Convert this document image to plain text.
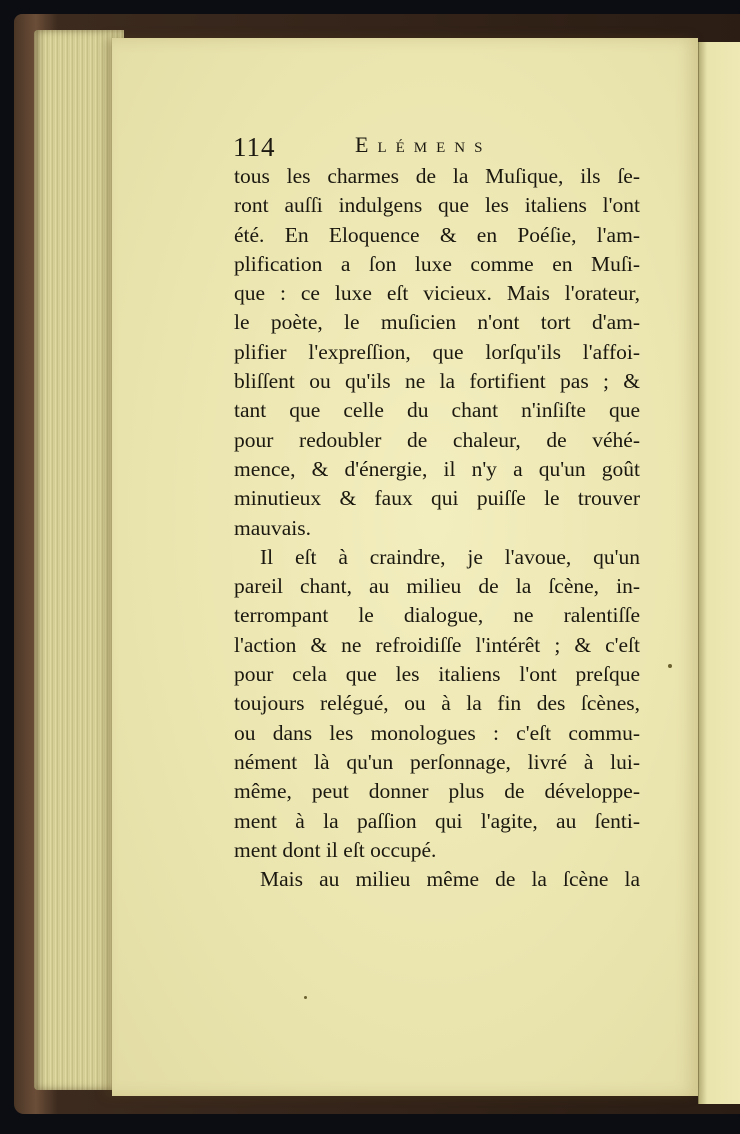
114	Elémens
tous les charmes de la Muſique, ils ſe-
ront auſſi indulgens que les italiens l'ont
été. En Eloquence & en Poéſie, l'am-
plification a ſon luxe comme en Muſi-
que : ce luxe eſt vicieux. Mais l'orateur,
le poète, le muſicien n'ont tort d'am-
plifier l'expreſſion, que lorſqu'ils l'affoi-
bliſſent ou qu'ils ne la fortifient pas ; &
tant que celle du chant n'inſiſte que
pour redoubler de chaleur, de véhé-
mence, & d'énergie, il n'y a qu'un goût
minutieux & faux qui puiſſe le trouver
mauvais.
Il eſt à craindre, je l'avoue, qu'un
pareil chant, au milieu de la ſcène, in-
terrompant le dialogue, ne ralentiſſe
l'action & ne refroidiſſe l'intérêt ; & c'eſt
pour cela que les italiens l'ont preſque
toujours relégué, ou à la fin des ſcènes,
ou dans les monologues : c'eſt commu-
nément là qu'un perſonnage, livré à lui-
même, peut donner plus de développe-
ment à la paſſion qui l'agite, au ſenti-
ment dont il eſt occupé.
Mais au milieu même de la ſcène la
